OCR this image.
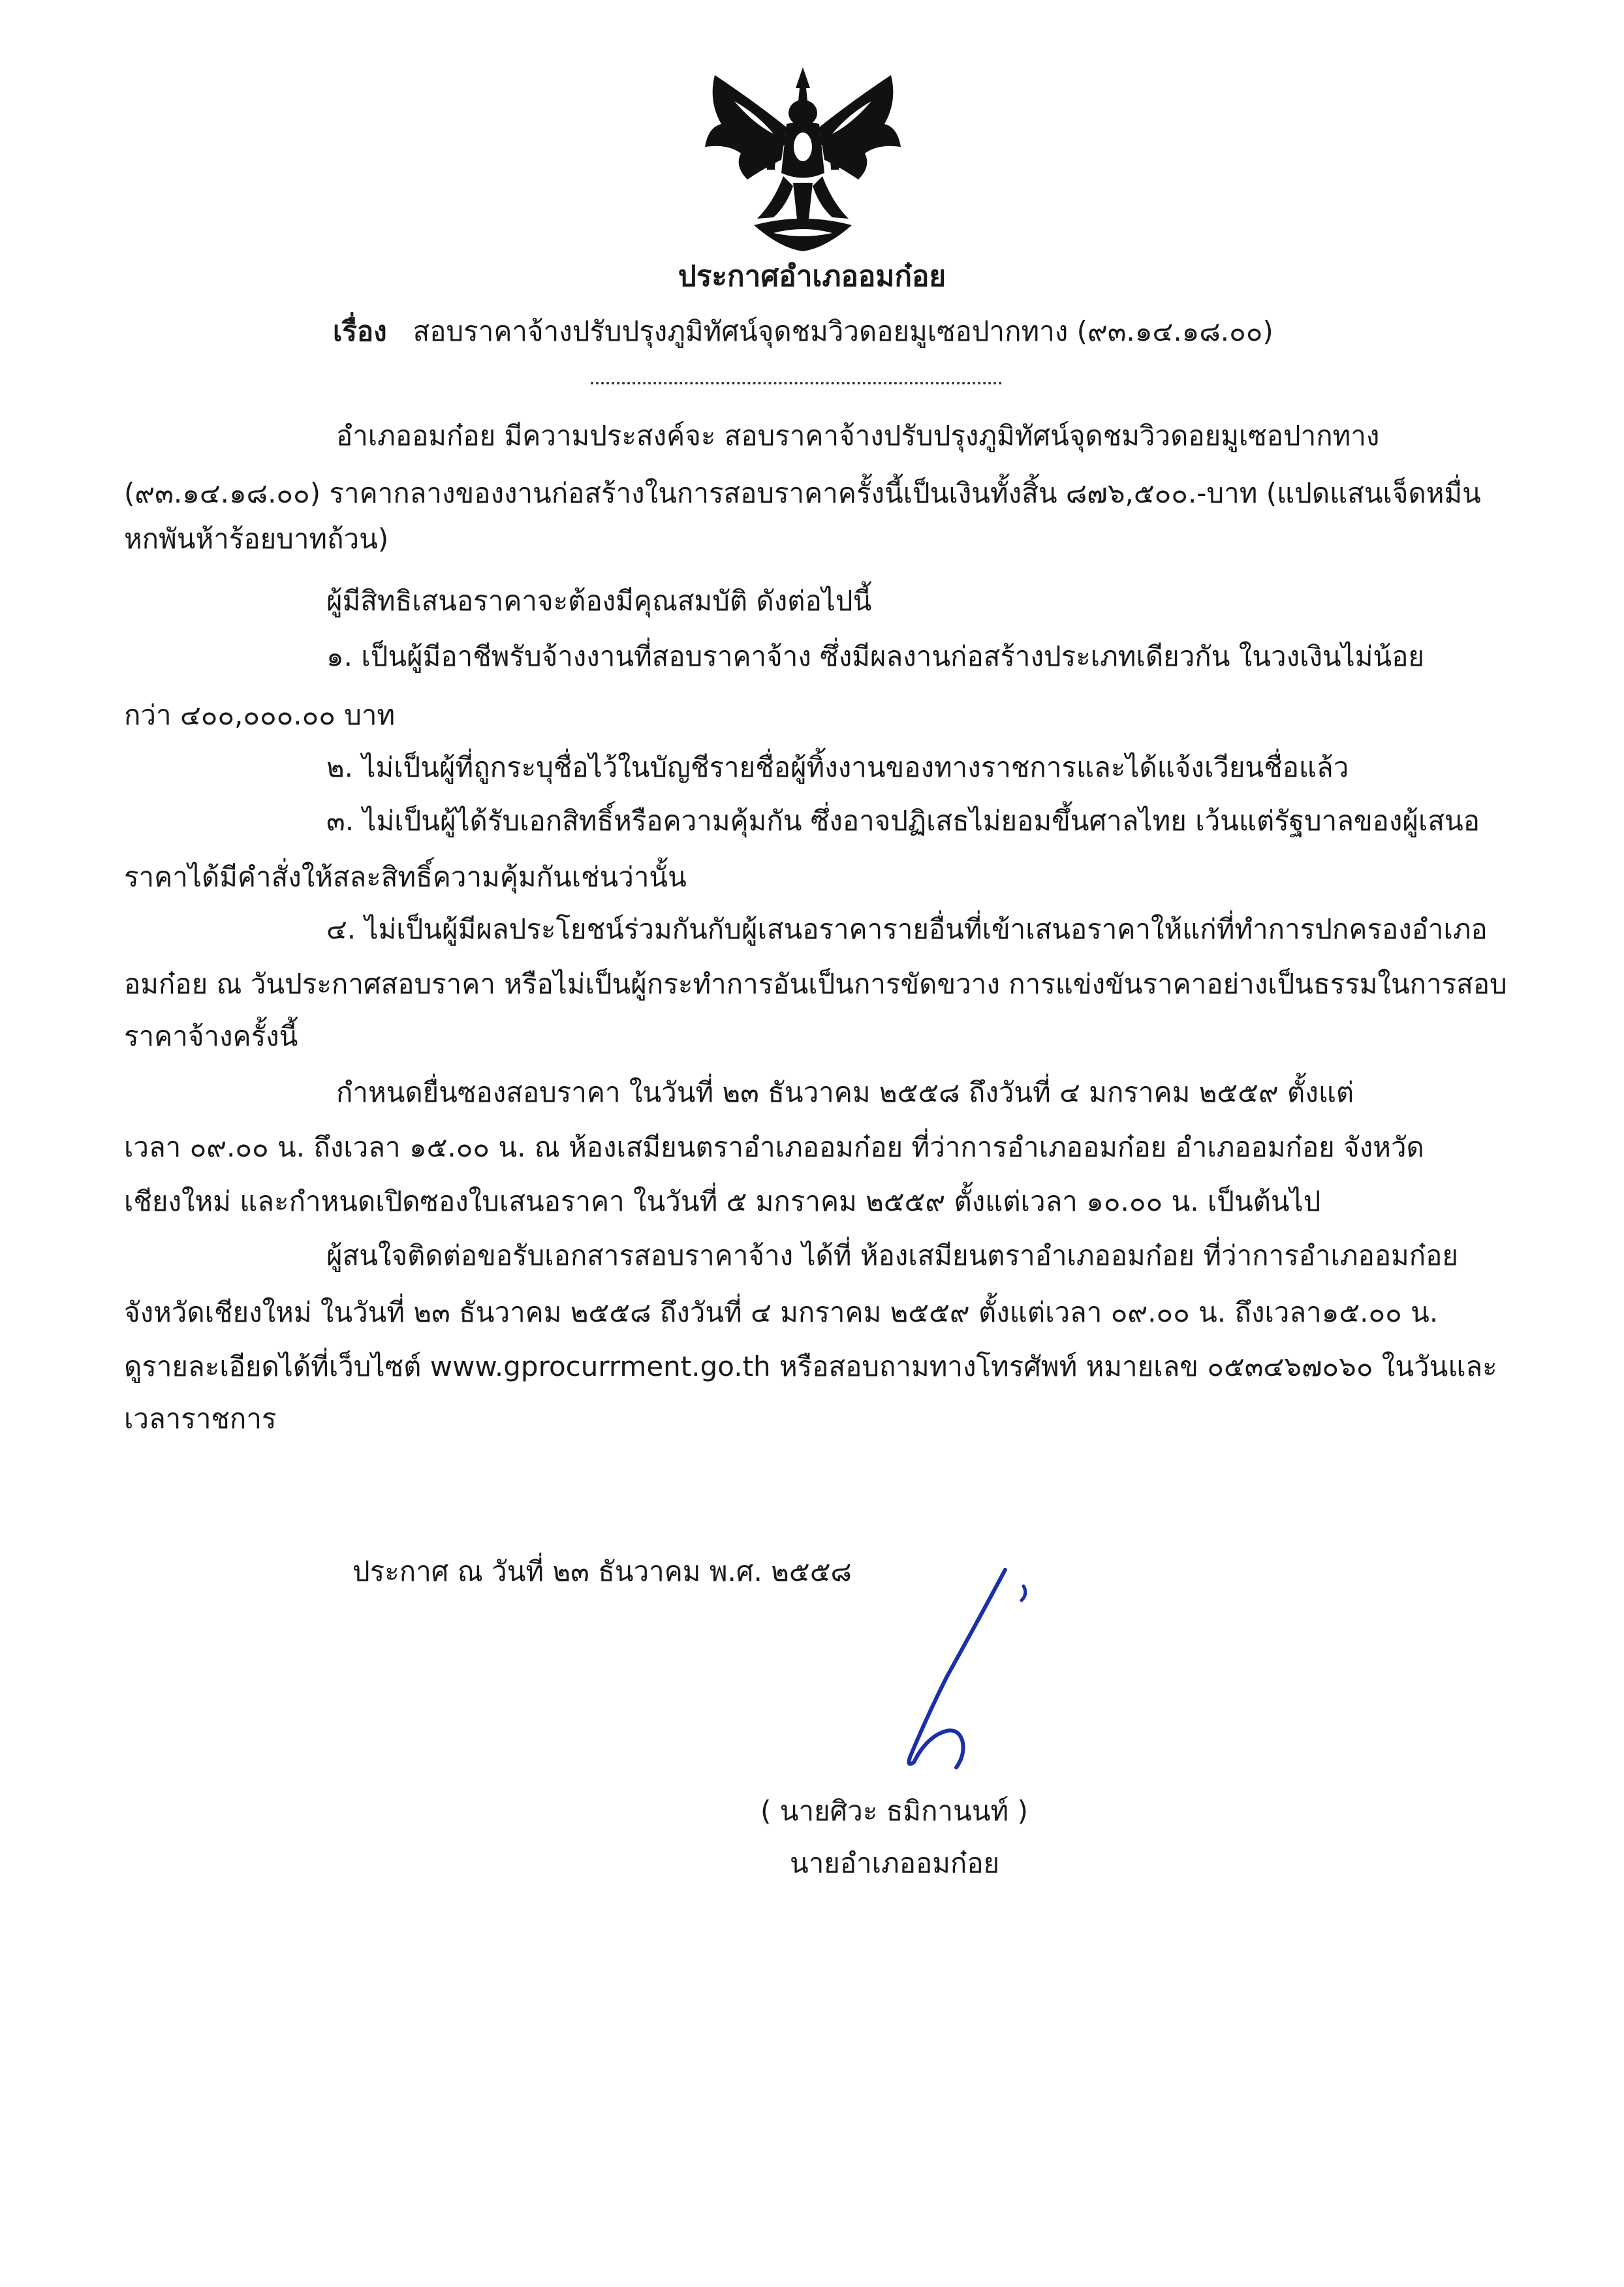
ประกาศอำเภออมก๋อย
เรื่อง สอบราคาจ้างปรับปรุงภูมิทัศน์จุดชมวิวดอยมูเซอปากทาง (๙๓.๑๔.๑๘.๐๐)
อำเภออมก๋อย มีความประสงค์จะ สอบราคาจ้างปรับปรุงภูมิทัศน์จุดชมวิวดอยมูเซอปากทาง
(๙๓.๑๔.๑๘.๐๐) ราคากลางของงานก่อสร้างในการสอบราคาครั้งนี้เป็นเงินทั้งสิ้น ๘๗๖,๕๐๐.-บาท (แปดแสนเจ็ดหมื่น
หกพันห้าร้อยบาทถ้วน)
ผู้มีสิทธิเสนอราคาจะต้องมีคุณสมบัติ ดังต่อไปนี้
๑. เป็นผู้มีอาชีพรับจ้างงานที่สอบราคาจ้าง ซึ่งมีผลงานก่อสร้างประเภทเดียวกัน ในวงเงินไม่น้อย
กว่า ๔๐๐,๐๐๐.๐๐ บาท
๒. ไม่เป็นผู้ที่ถูกระบุชื่อไว้ในบัญชีรายชื่อผู้ทิ้งงานของทางราชการและได้แจ้งเวียนชื่อแล้ว
๓. ไม่เป็นผู้ได้รับเอกสิทธิ์หรือความคุ้มกัน ซึ่งอาจปฏิเสธไม่ยอมขึ้นศาลไทย เว้นแต่รัฐบาลของผู้เสนอ
ราคาได้มีคำสั่งให้สละสิทธิ์ความคุ้มกันเช่นว่านั้น
๔. ไม่เป็นผู้มีผลประโยชน์ร่วมกันกับผู้เสนอราคารายอื่นที่เข้าเสนอราคาให้แก่ที่ทำการปกครองอำเภอ
อมก๋อย ณ วันประกาศสอบราคา หรือไม่เป็นผู้กระทำการอันเป็นการขัดขวาง การแข่งขันราคาอย่างเป็นธรรมในการสอบ
ราคาจ้างครั้งนี้
กำหนดยื่นซองสอบราคา ในวันที่ ๒๓ ธันวาคม ๒๕๕๘ ถึงวันที่ ๔ มกราคม ๒๕๕๙ ตั้งแต่
เวลา ๐๙.๐๐ น. ถึงเวลา ๑๕.๐๐ น. ณ ห้องเสมียนตราอำเภออมก๋อย ที่ว่าการอำเภออมก๋อย อำเภออมก๋อย จังหวัด
เชียงใหม่ และกำหนดเปิดซองใบเสนอราคา ในวันที่ ๕ มกราคม ๒๕๕๙ ตั้งแต่เวลา ๑๐.๐๐ น. เป็นต้นไป
ผู้สนใจติดต่อขอรับเอกสารสอบราคาจ้าง ได้ที่ ห้องเสมียนตราอำเภออมก๋อย ที่ว่าการอำเภออมก๋อย
จังหวัดเชียงใหม่ ในวันที่ ๒๓ ธันวาคม ๒๕๕๘ ถึงวันที่ ๔ มกราคม ๒๕๕๙ ตั้งแต่เวลา ๐๙.๐๐ น. ถึงเวลา๑๕.๐๐ น.
ดูรายละเอียดได้ที่เว็บไซต์ www.gprocurrment.go.th หรือสอบถามทางโทรศัพท์ หมายเลข ๐๕๓๔๖๗๐๖๐ ในวันและ
เวลาราชการ
ประกาศ ณ วันที่ ๒๓ ธันวาคม พ.ศ. ๒๕๕๘
( นายศิวะ ธมิกานนท์ )
นายอำเภออมก๋อย
